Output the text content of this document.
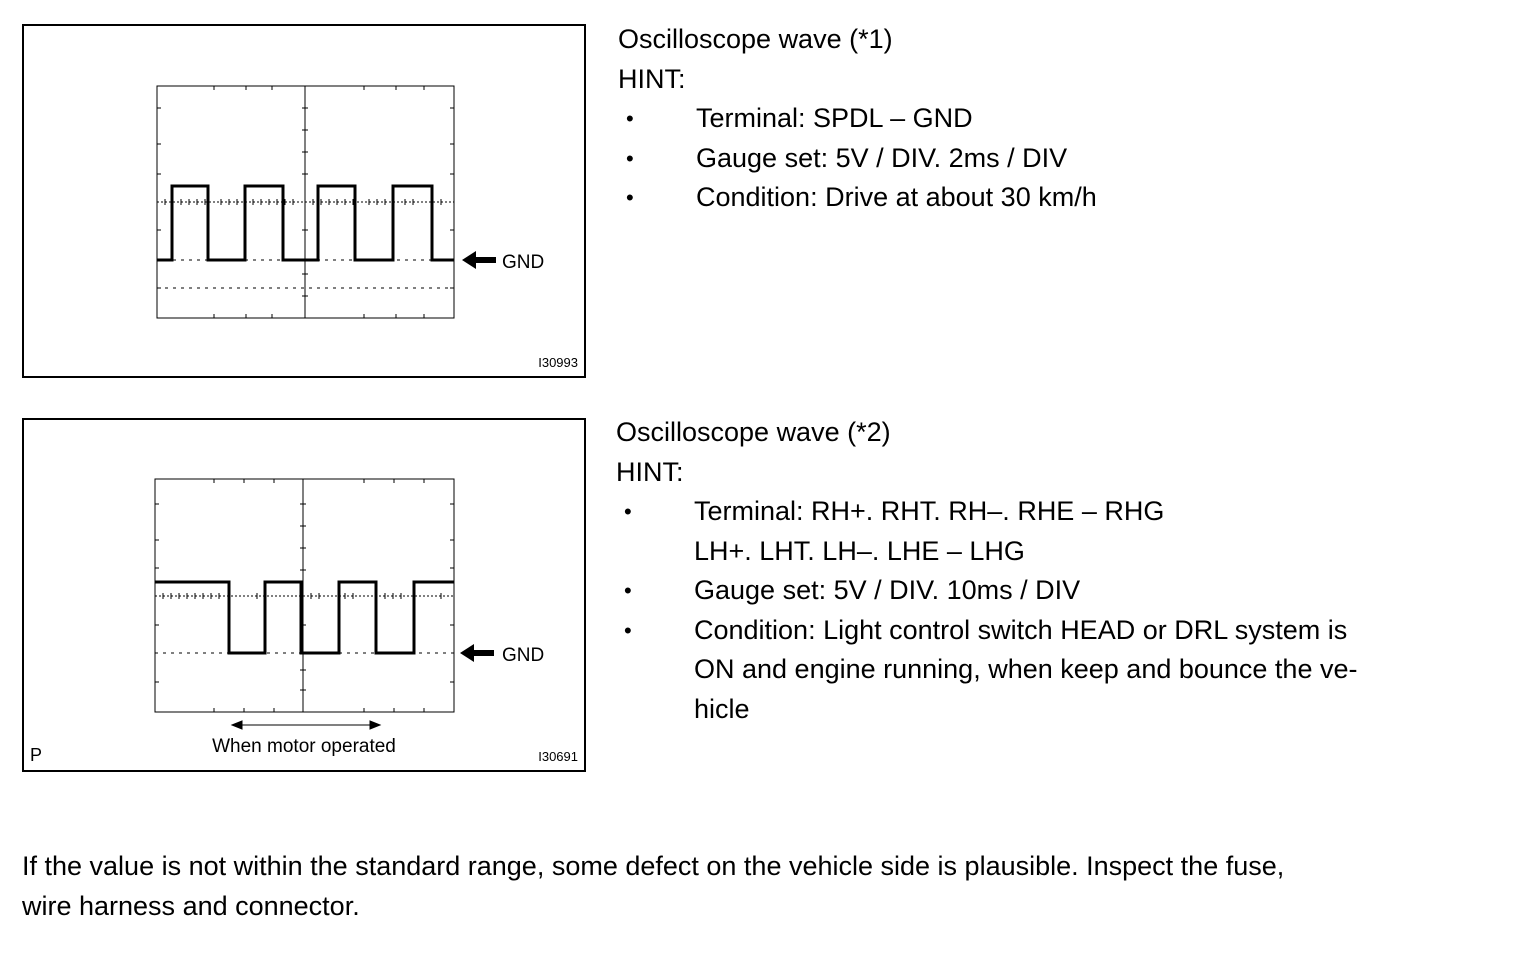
GND
I30993
Oscilloscope wave (*1)
HINT:
• Terminal: SPDL – GND
• Gauge set: 5V / DIV. 2ms / DIV
• Condition: Drive at about 30 km/h
When motor operated
GND
P	I30691
Oscilloscope wave (*2)
HINT:
• Terminal: RH+. RHT. RH–. RHE – RHG
LH+. LHT. LH–. LHE – LHG
• Gauge set: 5V / DIV. 10ms / DIV
• Condition: Light control switch HEAD or DRL system is
ON and engine running, when keep and bounce the ve-
hicle
If the value is not within the standard range, some defect on the vehicle side is plausible. Inspect the fuse,
wire harness and connector.
